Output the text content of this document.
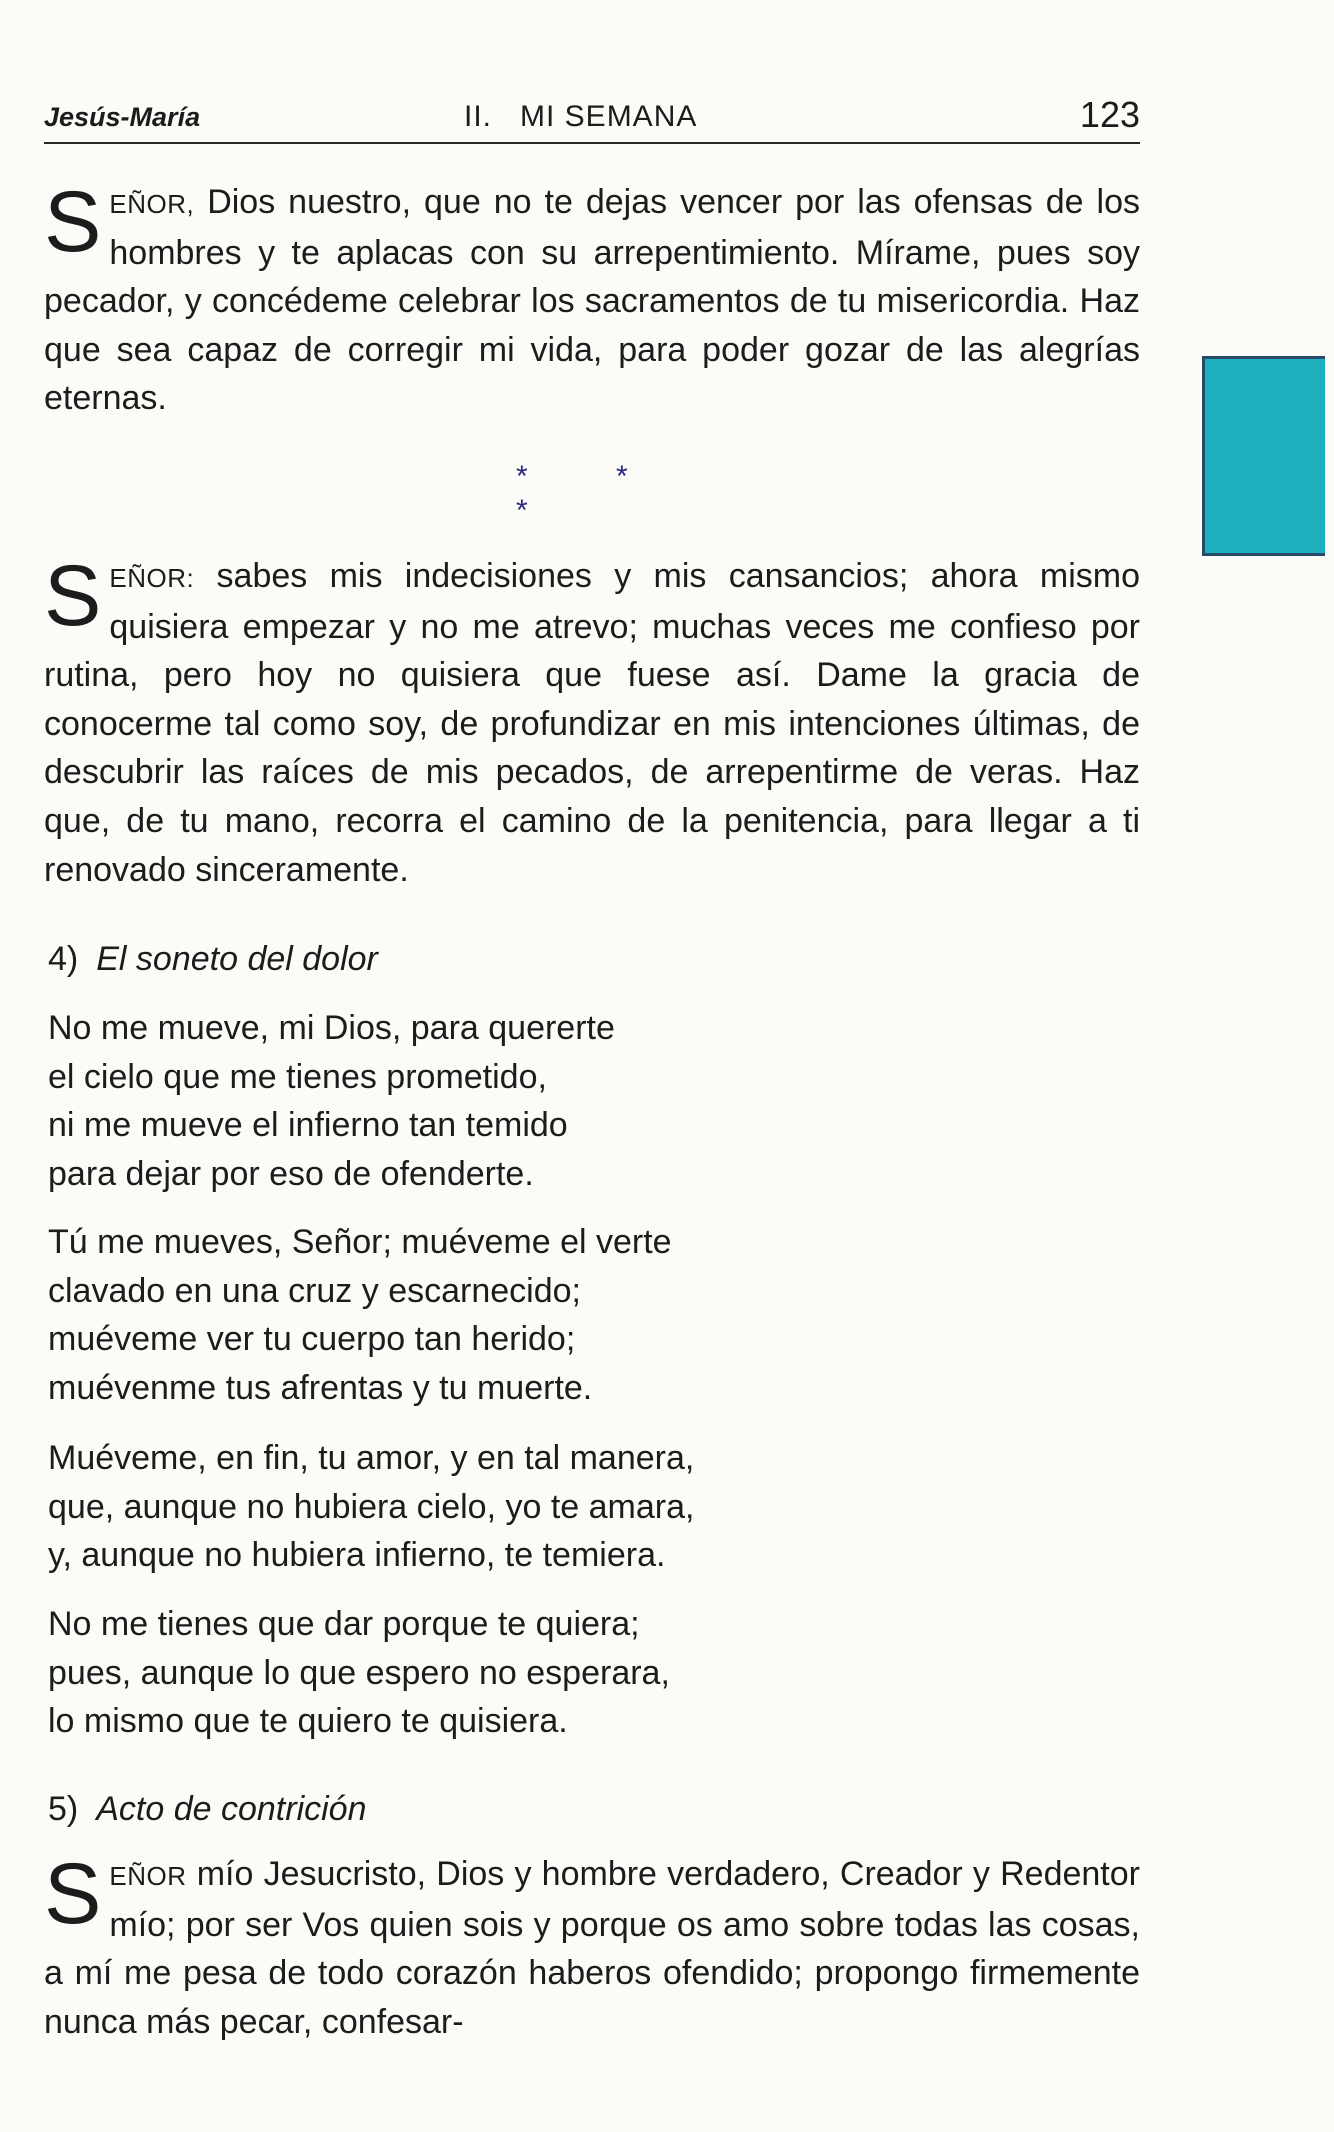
Jesús-María	II.   MI SEMANA	123

SEÑOR, Dios nuestro, que no te dejas vencer por las ofensas de los hombres y te aplacas con su arrepentimiento. Mírame, pues soy pecador, y concédeme celebrar los sacramentos de tu misericordia. Haz que sea capaz de corregir mi vida, para poder gozar de las alegrías eternas.

* * *

SEÑOR: sabes mis indecisiones y mis cansancios; ahora mismo quisiera empezar y no me atrevo; muchas veces me confieso por rutina, pero hoy no quisiera que fuese así. Dame la gracia de conocerme tal como soy, de profundizar en mis intenciones últimas, de descubrir las raíces de mis pecados, de arrepentirme de veras. Haz que, de tu mano, recorra el camino de la penitencia, para llegar a ti renovado sinceramente.

4) El soneto del dolor
No me mueve, mi Dios, para quererte
el cielo que me tienes prometido,
ni me mueve el infierno tan temido
para dejar por eso de ofenderte.
Tú me mueves, Señor; muéveme el verte
clavado en una cruz y escarnecido;
muéveme ver tu cuerpo tan herido;
muévenme tus afrentas y tu muerte.
Muéveme, en fin, tu amor, y en tal manera,
que, aunque no hubiera cielo, yo te amara,
y, aunque no hubiera infierno, te temiera.
No me tienes que dar porque te quiera;
pues, aunque lo que espero no esperara,
lo mismo que te quiero te quisiera.
5) Acto de contrición

SEÑOR mío Jesucristo, Dios y hombre verdadero, Creador y Redentor mío; por ser Vos quien sois y porque os amo sobre todas las cosas, a mí me pesa de todo corazón haberos ofendido; propongo firmemente nunca más pecar, confesar-
